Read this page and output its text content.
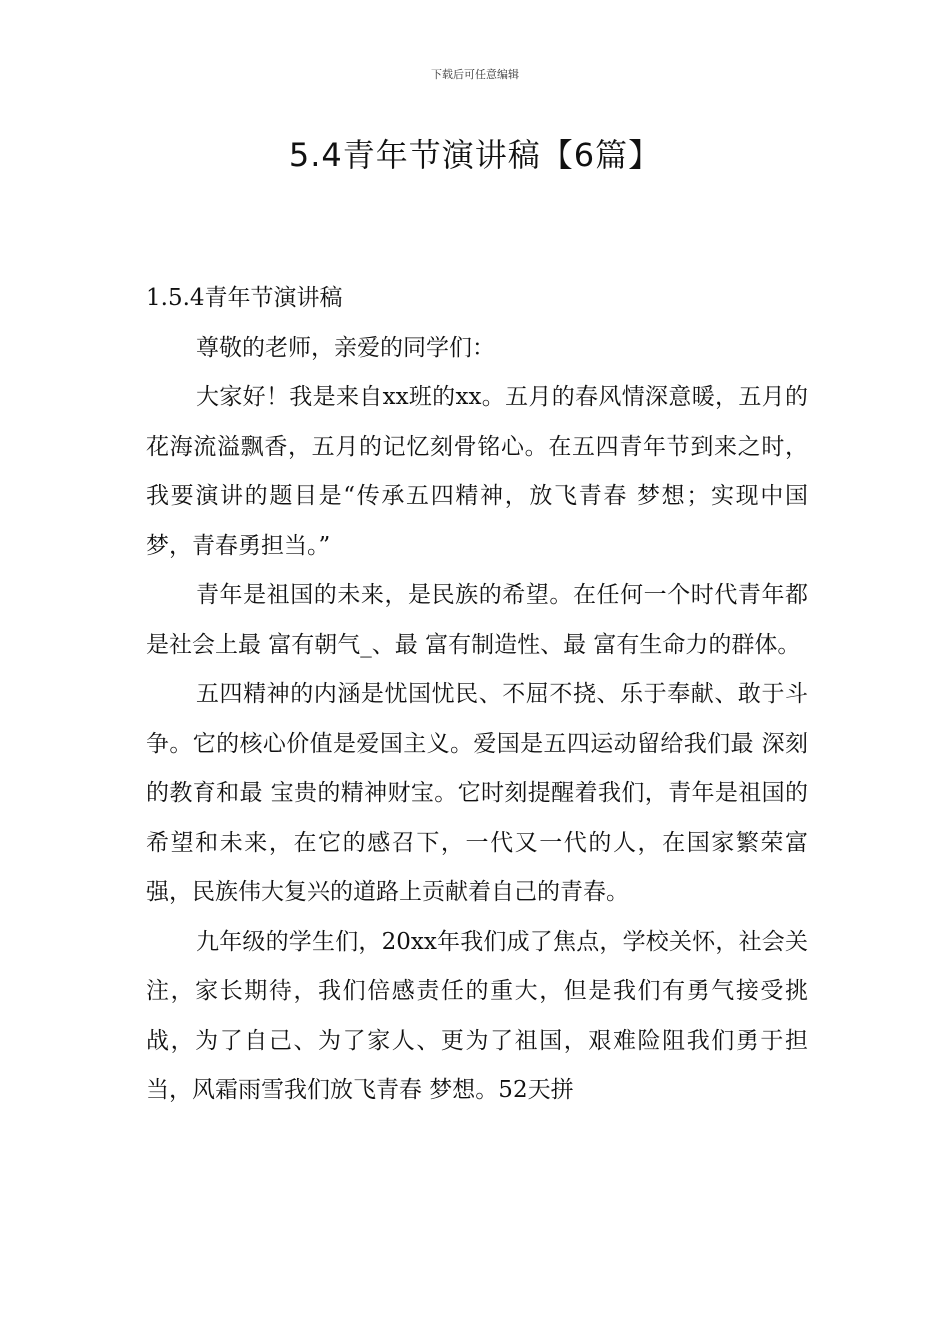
下载后可任意编辑
5.4青年节演讲稿【6篇】
1.5.4青年节演讲稿

尊敬的老师，亲爱的同学们：

大家好！我是来自xx班的xx。五月的春风情深意暖，五月的花海流溢飘香，五月的记忆刻骨铭心。在五四青年节到来之时，我要演讲的题目是“传承五四精神，放飞青春 梦想；实现中国梦，青春勇担当。”

青年是祖国的未来，是民族的希望。在任何一个时代青年都是社会上最 富有朝气_、最 富有制造性、最 富有生命力的群体。

五四精神的内涵是忧国忧民、不屈不挠、乐于奉献、敢于斗争。它的核心价值是爱国主义。爱国是五四运动留给我们最 深刻的教育和最 宝贵的精神财宝。它时刻提醒着我们，青年是祖国的希望和未来，在它的感召下，一代又一代的人，在国家繁荣富强，民族伟大复兴的道路上贡献着自己的青春。

九年级的学生们，20xx年我们成了焦点，学校关怀，社会关注，家长期待，我们倍感责任的重大，但是我们有勇气接受挑战，为了自己、为了家人、更为了祖国，艰难险阻我们勇于担当，风霜雨雪我们放飞青春 梦想。52天拼
